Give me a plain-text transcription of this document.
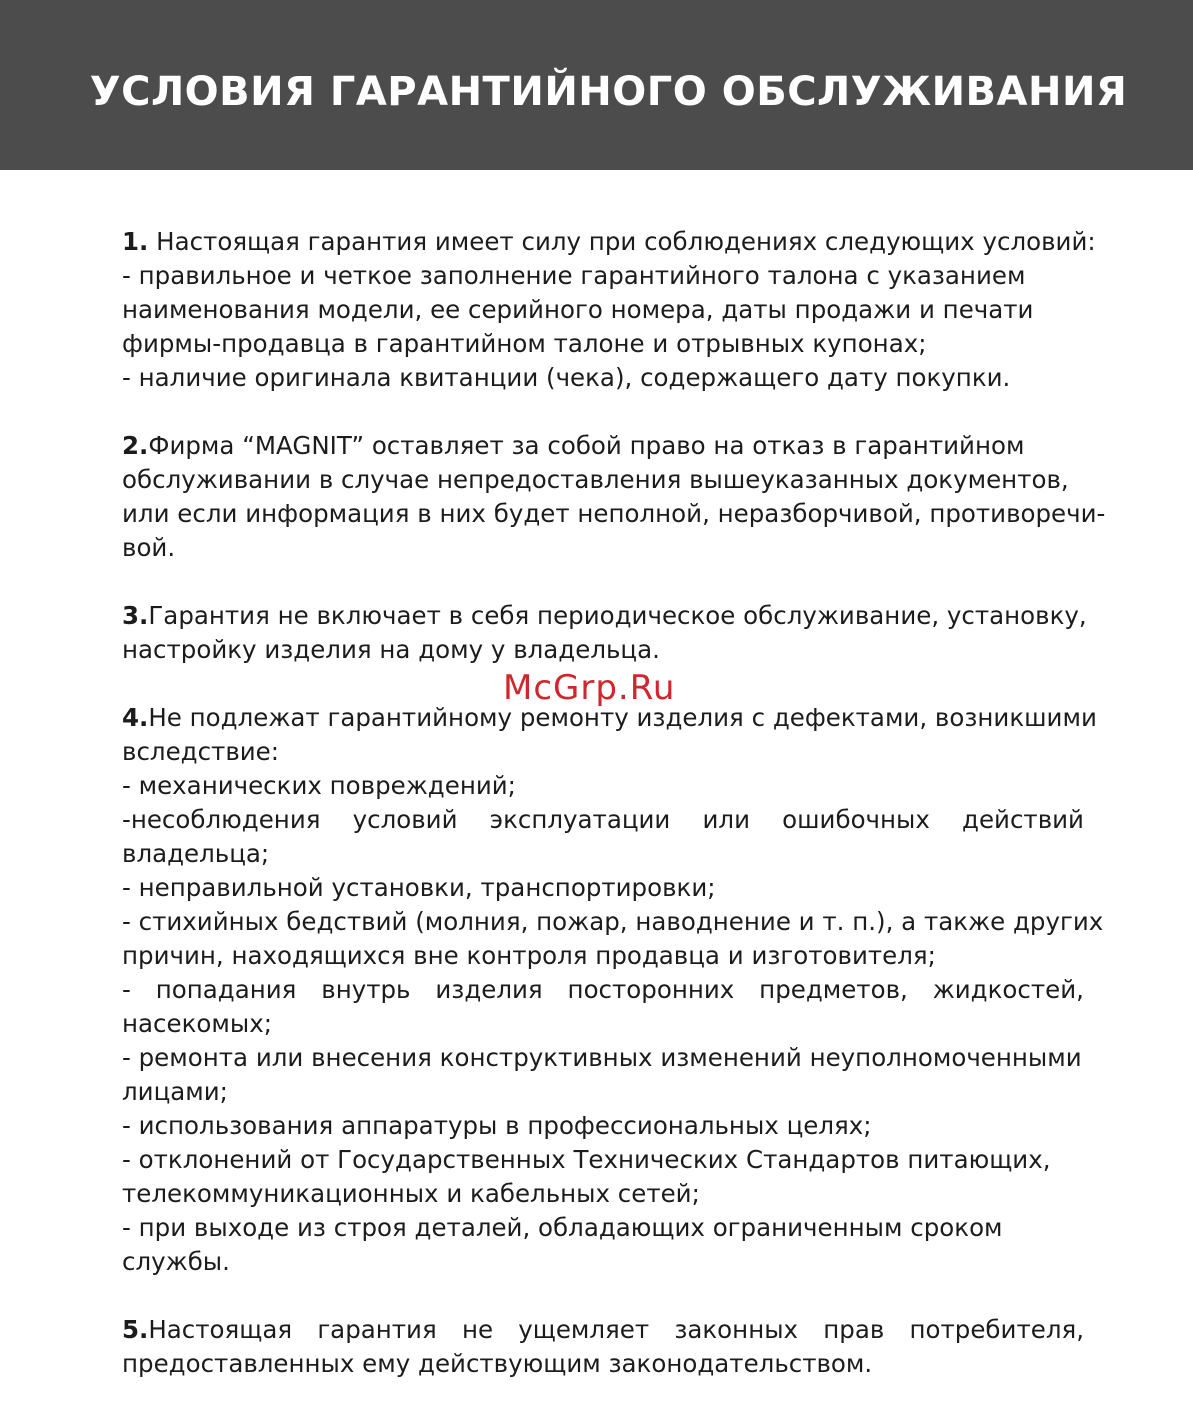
УСЛОВИЯ ГАРАНТИЙНОГО ОБСЛУЖИВАНИЯ
1. Настоящая гарантия имеет силу при соблюдениях следующих условий:
- правильное и четкое заполнение гарантийного талона с указанием
наименования модели, ее серийного номера, даты продажи и печати
фирмы-продавца в гарантийном талоне и отрывных купонах;
- наличие оригинала квитанции (чека), содержащего дату покупки.
2.Фирма “MAGNIT” оставляет за собой право на отказ в гарантийном
обслуживании в случае непредоставления вышеуказанных документов,
или если информация в них будет неполной, неразборчивой, противоречи-
вой.
3.Гарантия не включает в себя периодическое обслуживание, установку,
настройку изделия на дому у владельца.
4.Не подлежат гарантийному ремонту изделия с дефектами, возникшими
вследствие:
- механических повреждений;
-несоблюдения условий эксплуатации или ошибочных действий
владельца;
- неправильной установки, транспортировки;
- стихийных бедствий (молния, пожар, наводнение и т. п.), а также других
причин, находящихся вне контроля продавца и изготовителя;
- попадания внутрь изделия посторонних предметов, жидкостей,
насекомых;
- ремонта или внесения конструктивных изменений неуполномоченными
лицами;
- использования аппаратуры в профессиональных целях;
- отклонений от Государственных Технических Стандартов питающих,
телекоммуникационных и кабельных сетей;
- при выходе из строя деталей, обладающих ограниченным сроком
службы.
5.Настоящая гарантия не ущемляет законных прав потребителя,
предоставленных ему действующим законодательством.
McGrp.Ru
